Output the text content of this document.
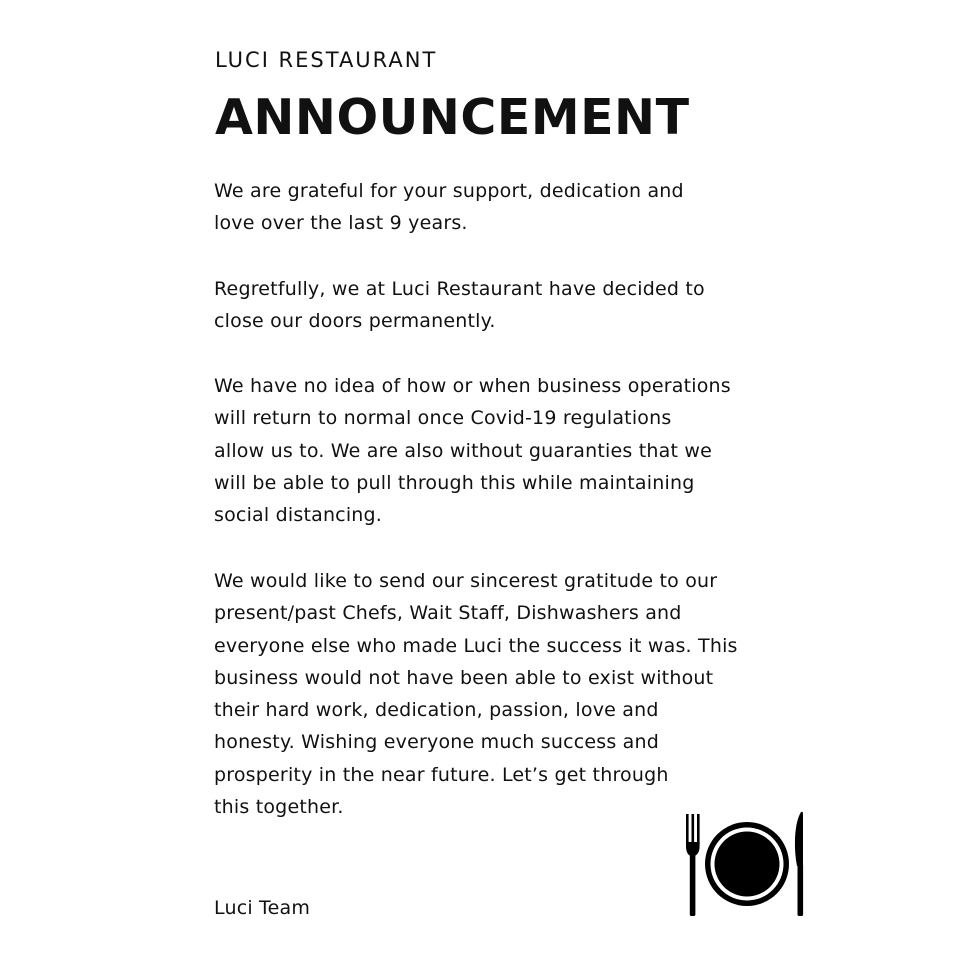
LUCI RESTAURANT
ANNOUNCEMENT

We are grateful for your support, dedication and
love over the last 9 years.

Regretfully, we at Luci Restaurant have decided to
close our doors permanently.

We have no idea of how or when business operations
will return to normal once Covid-19 regulations
allow us to. We are also without guaranties that we
will be able to pull through this while maintaining
social distancing.

We would like to send our sincerest gratitude to our
present/past Chefs, Wait Staff, Dishwashers and
everyone else who made Luci the success it was. This
business would not have been able to exist without
their hard work, dedication, passion, love and
honesty. Wishing everyone much success and
prosperity in the near future. Let’s get through
this together.

Luci Team
